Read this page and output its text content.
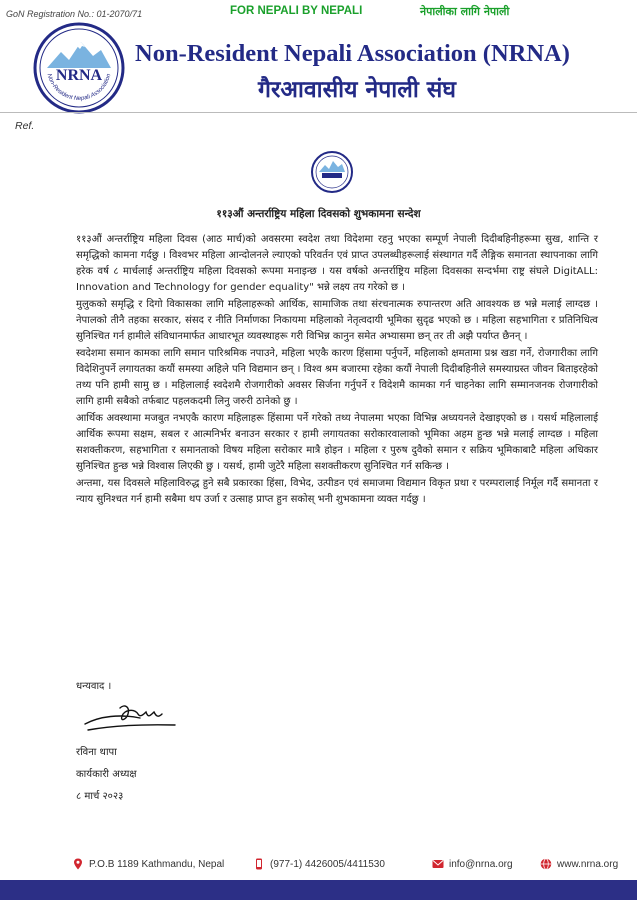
GoN Registration No.: 01-2070/71	FOR NEPALI BY NEPALI	नेपालीका लागि नेपाली
NRNA
Non-Resident Nepali Association
Non-Resident Nepali Association (NRNA)
गैरआवासीय नेपाली संघ
Ref.
११३औं अन्तर्राष्ट्रिय महिला दिवसको शुभकामना सन्देश

११३औं अन्तर्राष्ट्रिय महिला दिवस (आठ मार्च)को अवसरमा स्वदेश तथा विदेशमा रहनु भएका सम्पूर्ण नेपाली दिदीबहिनीहरूमा सुख, शान्ति र समृद्धिको कामना गर्दछु । विश्वभर महिला आन्दोलनले ल्याएको परिवर्तन एवं प्राप्त उपलब्धीहरूलाई संस्थागत गर्दै लैङ्गिक समानता स्थापनाका लागि हरेक वर्ष ८ मार्चलाई अन्तर्राष्ट्रिय महिला दिवसको रूपमा मनाइन्छ । यस वर्षको अन्तर्राष्ट्रिय महिला दिवसका सन्दर्भमा राष्ट्र संघले DigitALL: Innovation and Technology for gender equality" भन्ने लक्ष्य तय गरेको छ ।

मुलुकको समृद्धि र दिगो विकासका लागि महिलाहरूको आर्थिक, सामाजिक तथा संरचनात्मक रुपान्तरण अति आवश्यक छ भन्ने मलाई लाग्दछ । नेपालको तीनै तहका सरकार, संसद र नीति निर्माणका निकायमा महिलाको नेतृत्वदायी भूमिका सुदृढ भएको छ । महिला सहभागिता र प्रतिनिधित्व सुनिश्चित गर्न हामीले संविधानमार्फत आधारभूत व्यवस्थाहरू गरी विभिन्न कानुन समेत अभ्यासमा छन् तर ती अझै पर्याप्त छैनन् ।

स्वदेशमा समान कामका लागि समान पारिश्रमिक नपाउने, महिला भएकै कारण हिंसामा पर्नुपर्ने, महिलाको क्षमतामा प्रश्न खडा गर्ने, रोजगारीका लागि विदेशिनुपर्ने लगायतका कयौं समस्या अहिले पनि विद्यमान छन् । विश्व श्रम बजारमा रहेका कयौं नेपाली दिदीबहिनीले समस्याग्रस्त जीवन बिताइरहेको तथ्य पनि हामी सामु छ । महिलालाई स्वदेशमै रोजगारीको अवसर सिर्जना गर्नुपर्ने र विदेशमै कामका गर्न चाहनेका लागि सम्मानजनक रोजगारीको लागि हामी सबैको तर्फबाट पहलकदमी लिनु जरुरी ठानेको छु ।

आर्थिक अवस्थामा मजबुत नभएकै कारण महिलाहरू हिंसामा पर्ने गरेको तथ्य नेपालमा भएका विभिन्न अध्ययनले देखाइएको छ । यसर्थ महिलालाई आर्थिक रूपमा सक्षम, सबल र आत्मनिर्भर बनाउन सरकार र हामी लगायतका सरोकारवालाको भूमिका अहम हुन्छ भन्ने मलाई लाग्दछ । महिला सशक्तीकरण, सहभागिता र समानताको विषय महिला सरोकार मात्रै होइन । महिला र पुरुष दुवैको समान र सक्रिय भूमिकाबाटै महिला अधिकार सुनिश्चित हुन्छ भन्ने विश्वास लिएकी छु । यसर्थ, हामी जुटेरै महिला सशक्तीकरण सुनिश्चित गर्न सकिन्छ ।

अन्तमा, यस दिवसले महिलाविरुद्ध हुने सबै प्रकारका हिंसा, विभेद, उत्पीडन एवं समाजमा विद्यमान विकृत प्रथा र परम्परालाई निर्मूल गर्दै समानता र न्याय सुनिश्चत गर्न हामी सबैमा थप उर्जा र उत्साह प्राप्त हुन सकोस् भनी शुभकामना व्यक्त गर्दछु ।

धन्यवाद ।
रविना थापा
कार्यकारी अध्यक्ष
८ मार्च २०२३
P.O.B 1189 Kathmandu, Nepal	(977-1) 4426005/4411530	info@nrna.org	www.nrna.org
